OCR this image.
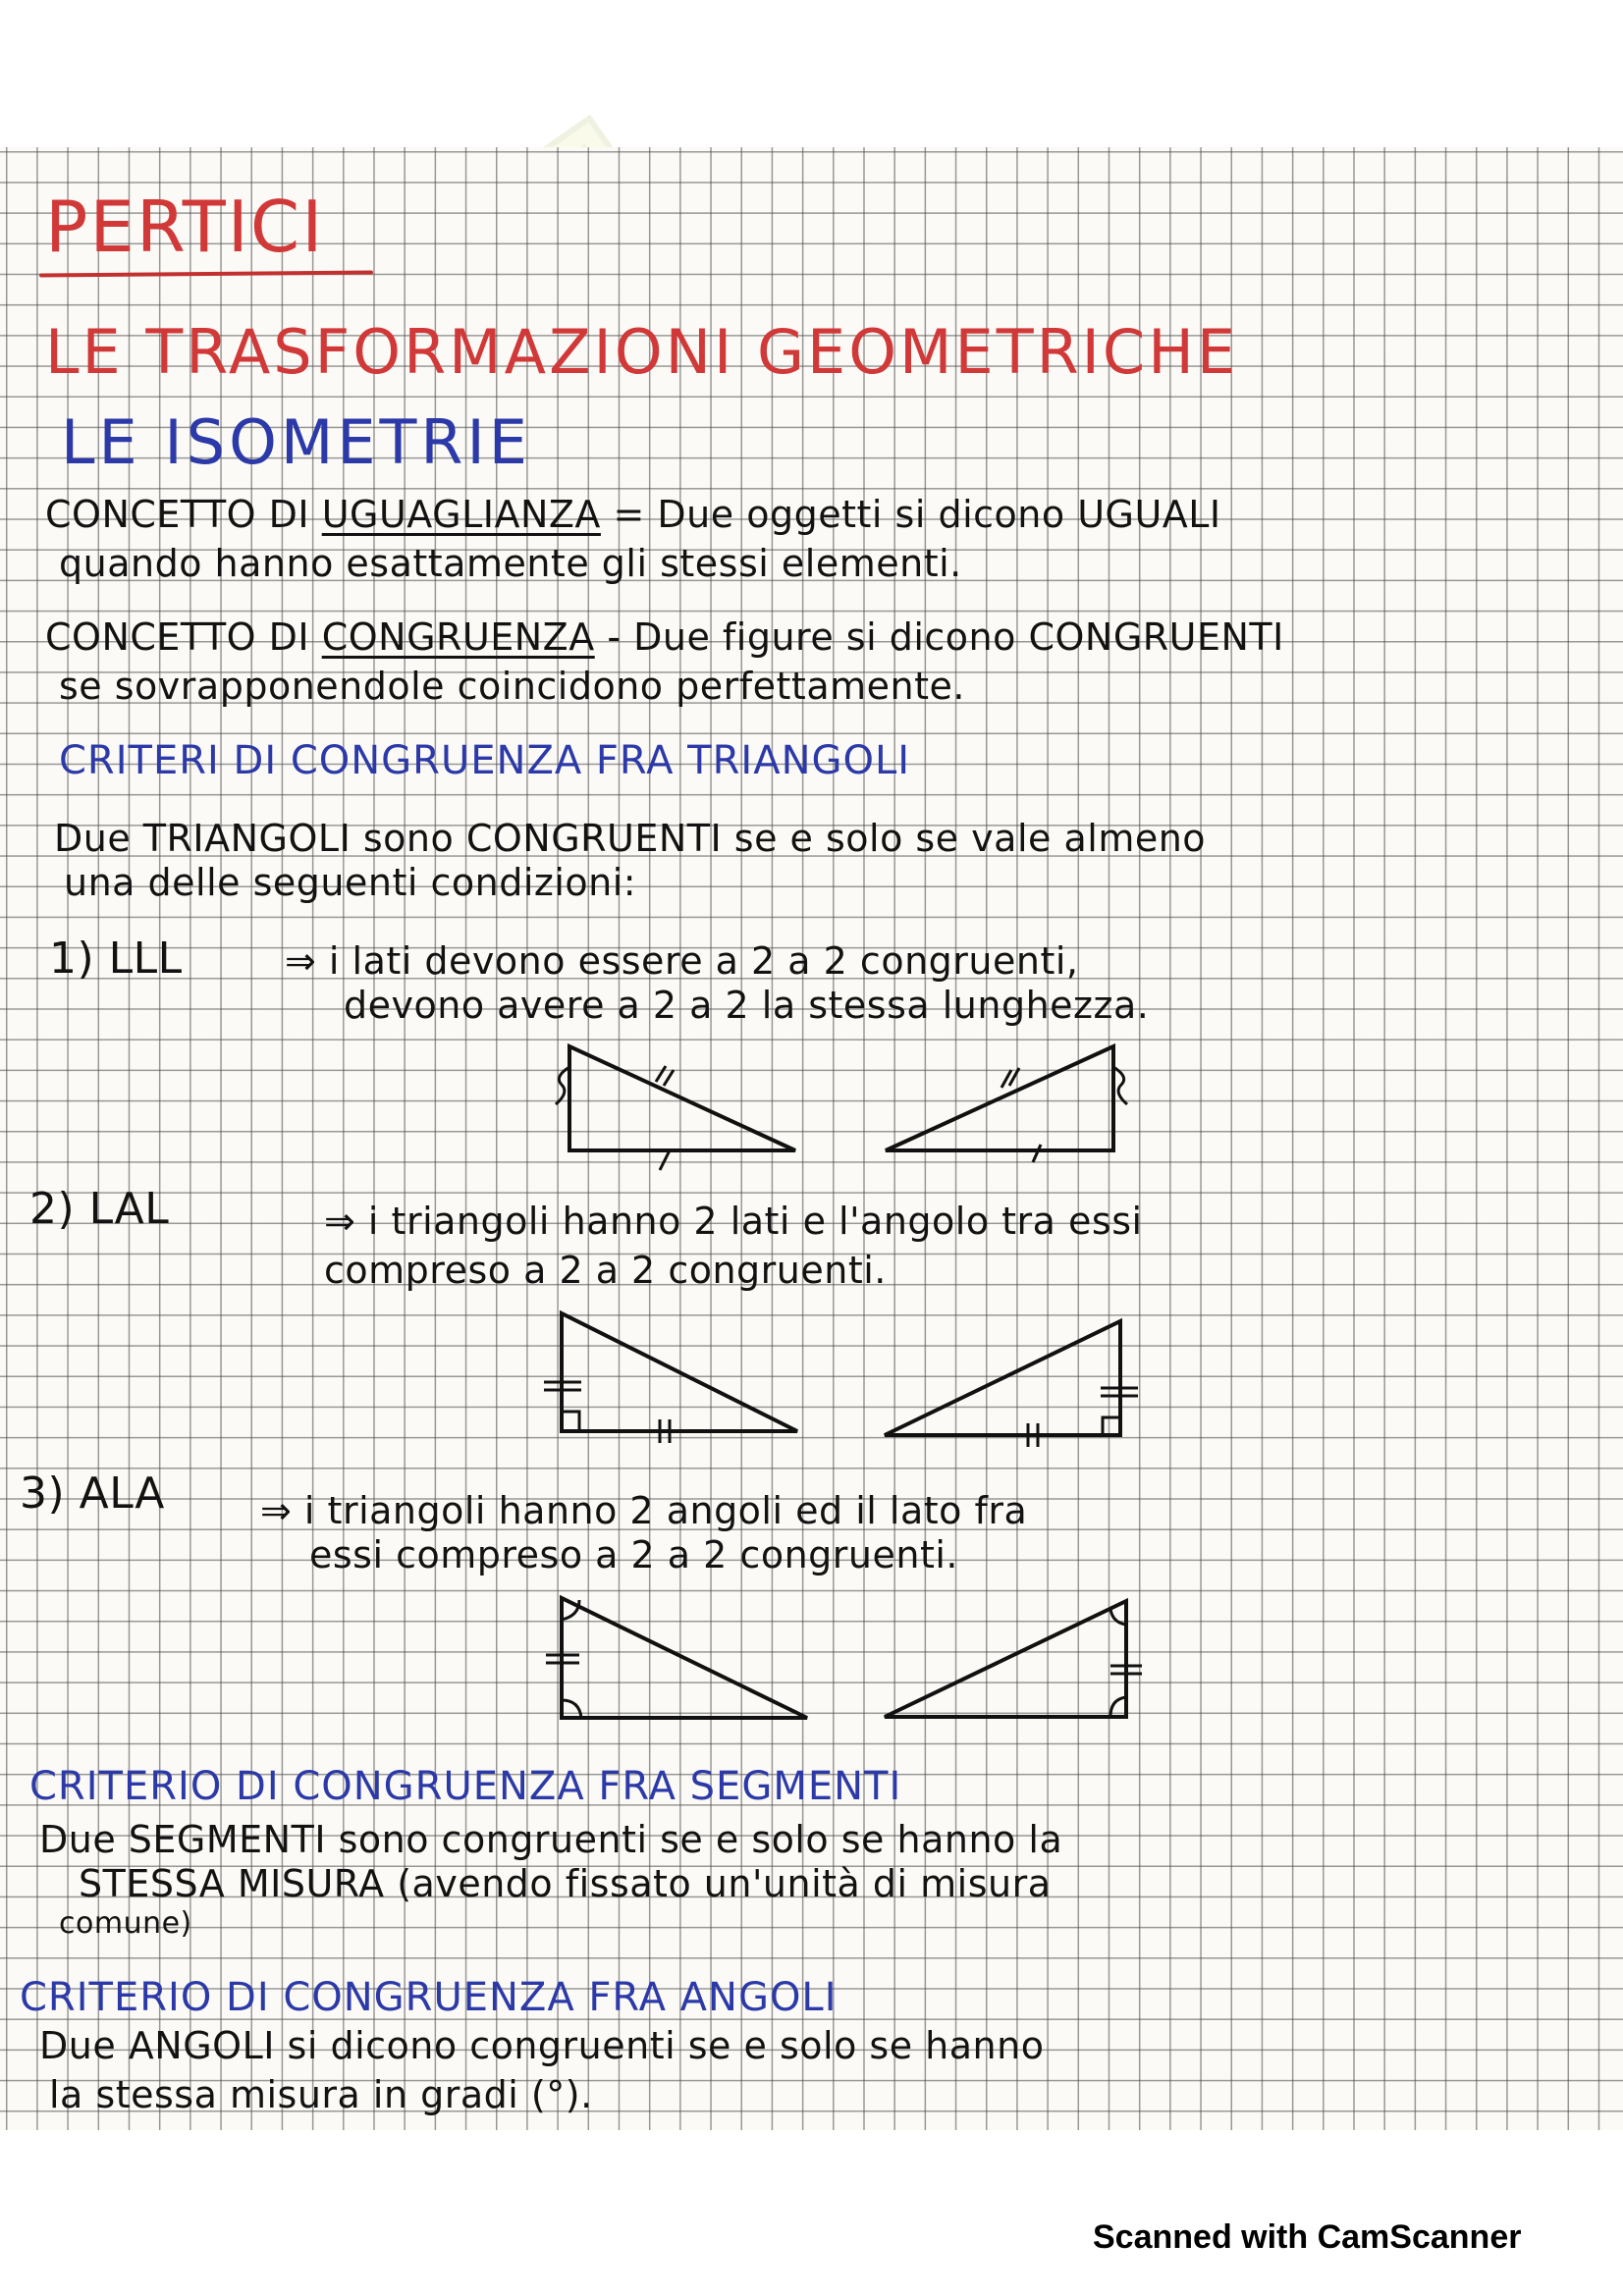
PERTICI
LE TRASFORMAZIONI GEOMETRICHE
LE ISOMETRIE
CONCETTO DI UGUAGLIANZA = Due oggetti si dicono UGUALI
quando hanno esattamente gli stessi elementi.
CONCETTO DI CONGRUENZA - Due figure si dicono CONGRUENTI
se sovrapponendole coincidono perfettamente.
CRITERI DI CONGRUENZA FRA TRIANGOLI
Due TRIANGOLI sono CONGRUENTI se e solo se vale almeno
una delle seguenti condizioni:
1) LLL	⇒ i lati devono essere a 2 a 2 congruenti,
devono avere a 2 a 2 la stessa lunghezza.
2) LAL	⇒ i triangoli hanno 2 lati e l'angolo tra essi
compreso a 2 a 2 congruenti.
3) ALA	⇒ i triangoli hanno 2 angoli ed il lato fra
essi compreso a 2 a 2 congruenti.
CRITERIO DI CONGRUENZA FRA SEGMENTI
Due SEGMENTI sono congruenti se e solo se hanno la
STESSA MISURA (avendo fissato un'unità di misura
comune)
CRITERIO DI CONGRUENZA FRA ANGOLI
Due ANGOLI si dicono congruenti se e solo se hanno
la stessa misura in gradi (°).
Scanned with CamScanner
